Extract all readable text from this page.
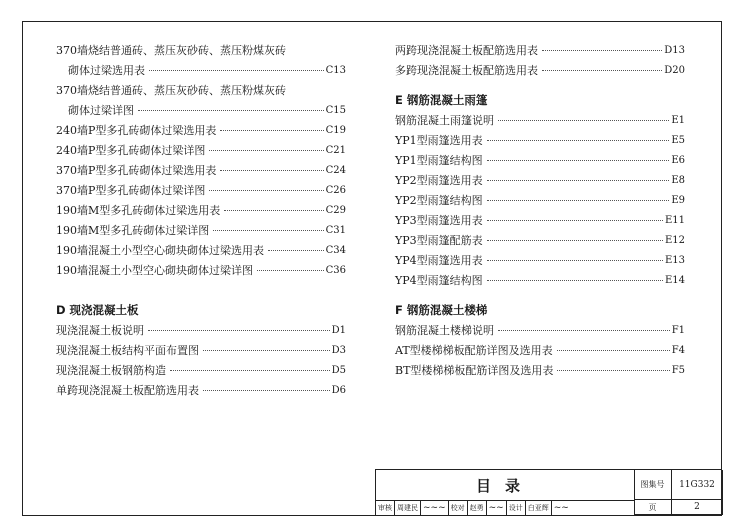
370墙烧结普通砖、蒸压灰砂砖、蒸压粉煤灰砖
砌体过梁选用表	C13
370墙烧结普通砖、蒸压灰砂砖、蒸压粉煤灰砖
砌体过梁详图	C15
240墙P型多孔砖砌体过梁选用表	C19
240墙P型多孔砖砌体过梁详图	C21
370墙P型多孔砖砌体过梁选用表	C24
370墙P型多孔砖砌体过梁详图	C26
190墙M型多孔砖砌体过梁选用表	C29
190墙M型多孔砖砌体过梁详图	C31
190墙混凝土小型空心砌块砌体过梁选用表	C34
190墙混凝土小型空心砌块砌体过梁详图	C36
D 现浇混凝土板
现浇混凝土板说明	D1
现浇混凝土板结构平面布置图	D3
现浇混凝土板钢筋构造	D5
单跨现浇混凝土板配筋选用表	D6
两跨现浇混凝土板配筋选用表	D13
多跨现浇混凝土板配筋选用表	D20
E 钢筋混凝土雨篷
钢筋混凝土雨篷说明	E1
YP1型雨篷选用表	E5
YP1型雨篷结构图	E6
YP2型雨篷选用表	E8
YP2型雨篷结构图	E9
YP3型雨篷选用表	E11
YP3型雨篷配筋表	E12
YP4型雨篷选用表	E13
YP4型雨篷结构图	E14
F 钢筋混凝土楼梯
钢筋混凝土楼梯说明	F1
AT型楼梯梯板配筋详图及选用表	F4
BT型楼梯梯板配筋详图及选用表	F5
目录	图集号	11G332
页	2
审核 周建民 ~~~ 校对 赵勇 ~~ 设计 白亚辉 ~~
